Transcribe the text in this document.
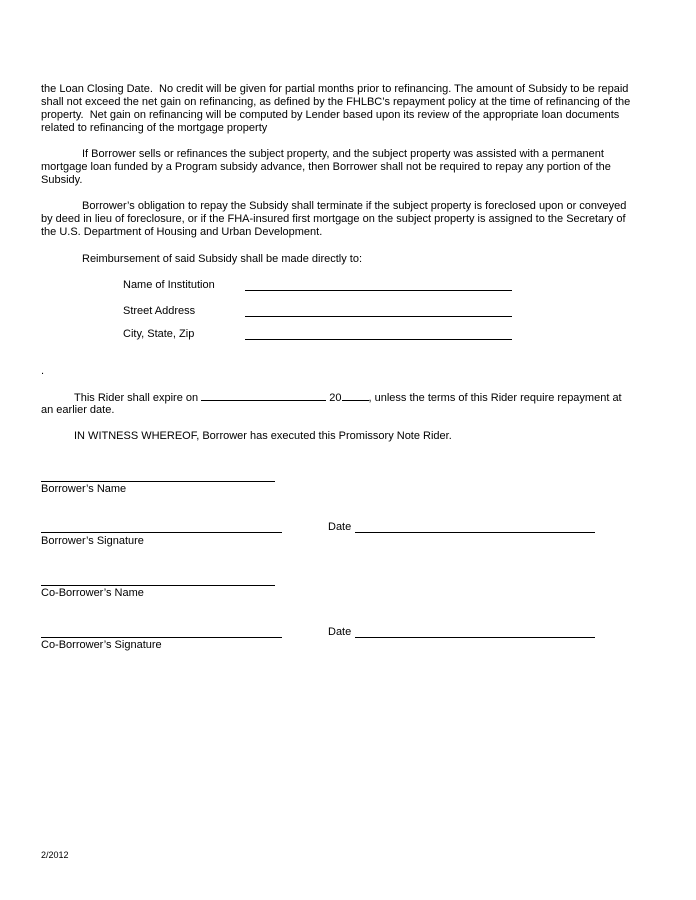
the Loan Closing Date.  No credit will be given for partial months prior to refinancing. The amount of Subsidy to be repaid
shall not exceed the net gain on refinancing, as defined by the FHLBC’s repayment policy at the time of refinancing of the
property.  Net gain on refinancing will be computed by Lender based upon its review of the appropriate loan documents
related to refinancing of the mortgage property
If Borrower sells or refinances the subject property, and the subject property was assisted with a permanent
mortgage loan funded by a Program subsidy advance, then Borrower shall not be required to repay any portion of the
Subsidy.
Borrower’s obligation to repay the Subsidy shall terminate if the subject property is foreclosed upon or conveyed
by deed in lieu of foreclosure, or if the FHA-insured first mortgage on the subject property is assigned to the Secretary of
the U.S. Department of Housing and Urban Development.
Reimbursement of said Subsidy shall be made directly to:
Name of Institution
Street Address
City, State, Zip
.
This Rider shall expire on	20 , unless the terms of this Rider require repayment at
an earlier date.
IN WITNESS WHEREOF, Borrower has executed this Promissory Note Rider.
Borrower’s Name
Date
Borrower’s Signature
Co-Borrower’s Name
Date
Co-Borrower’s Signature
2/2012
